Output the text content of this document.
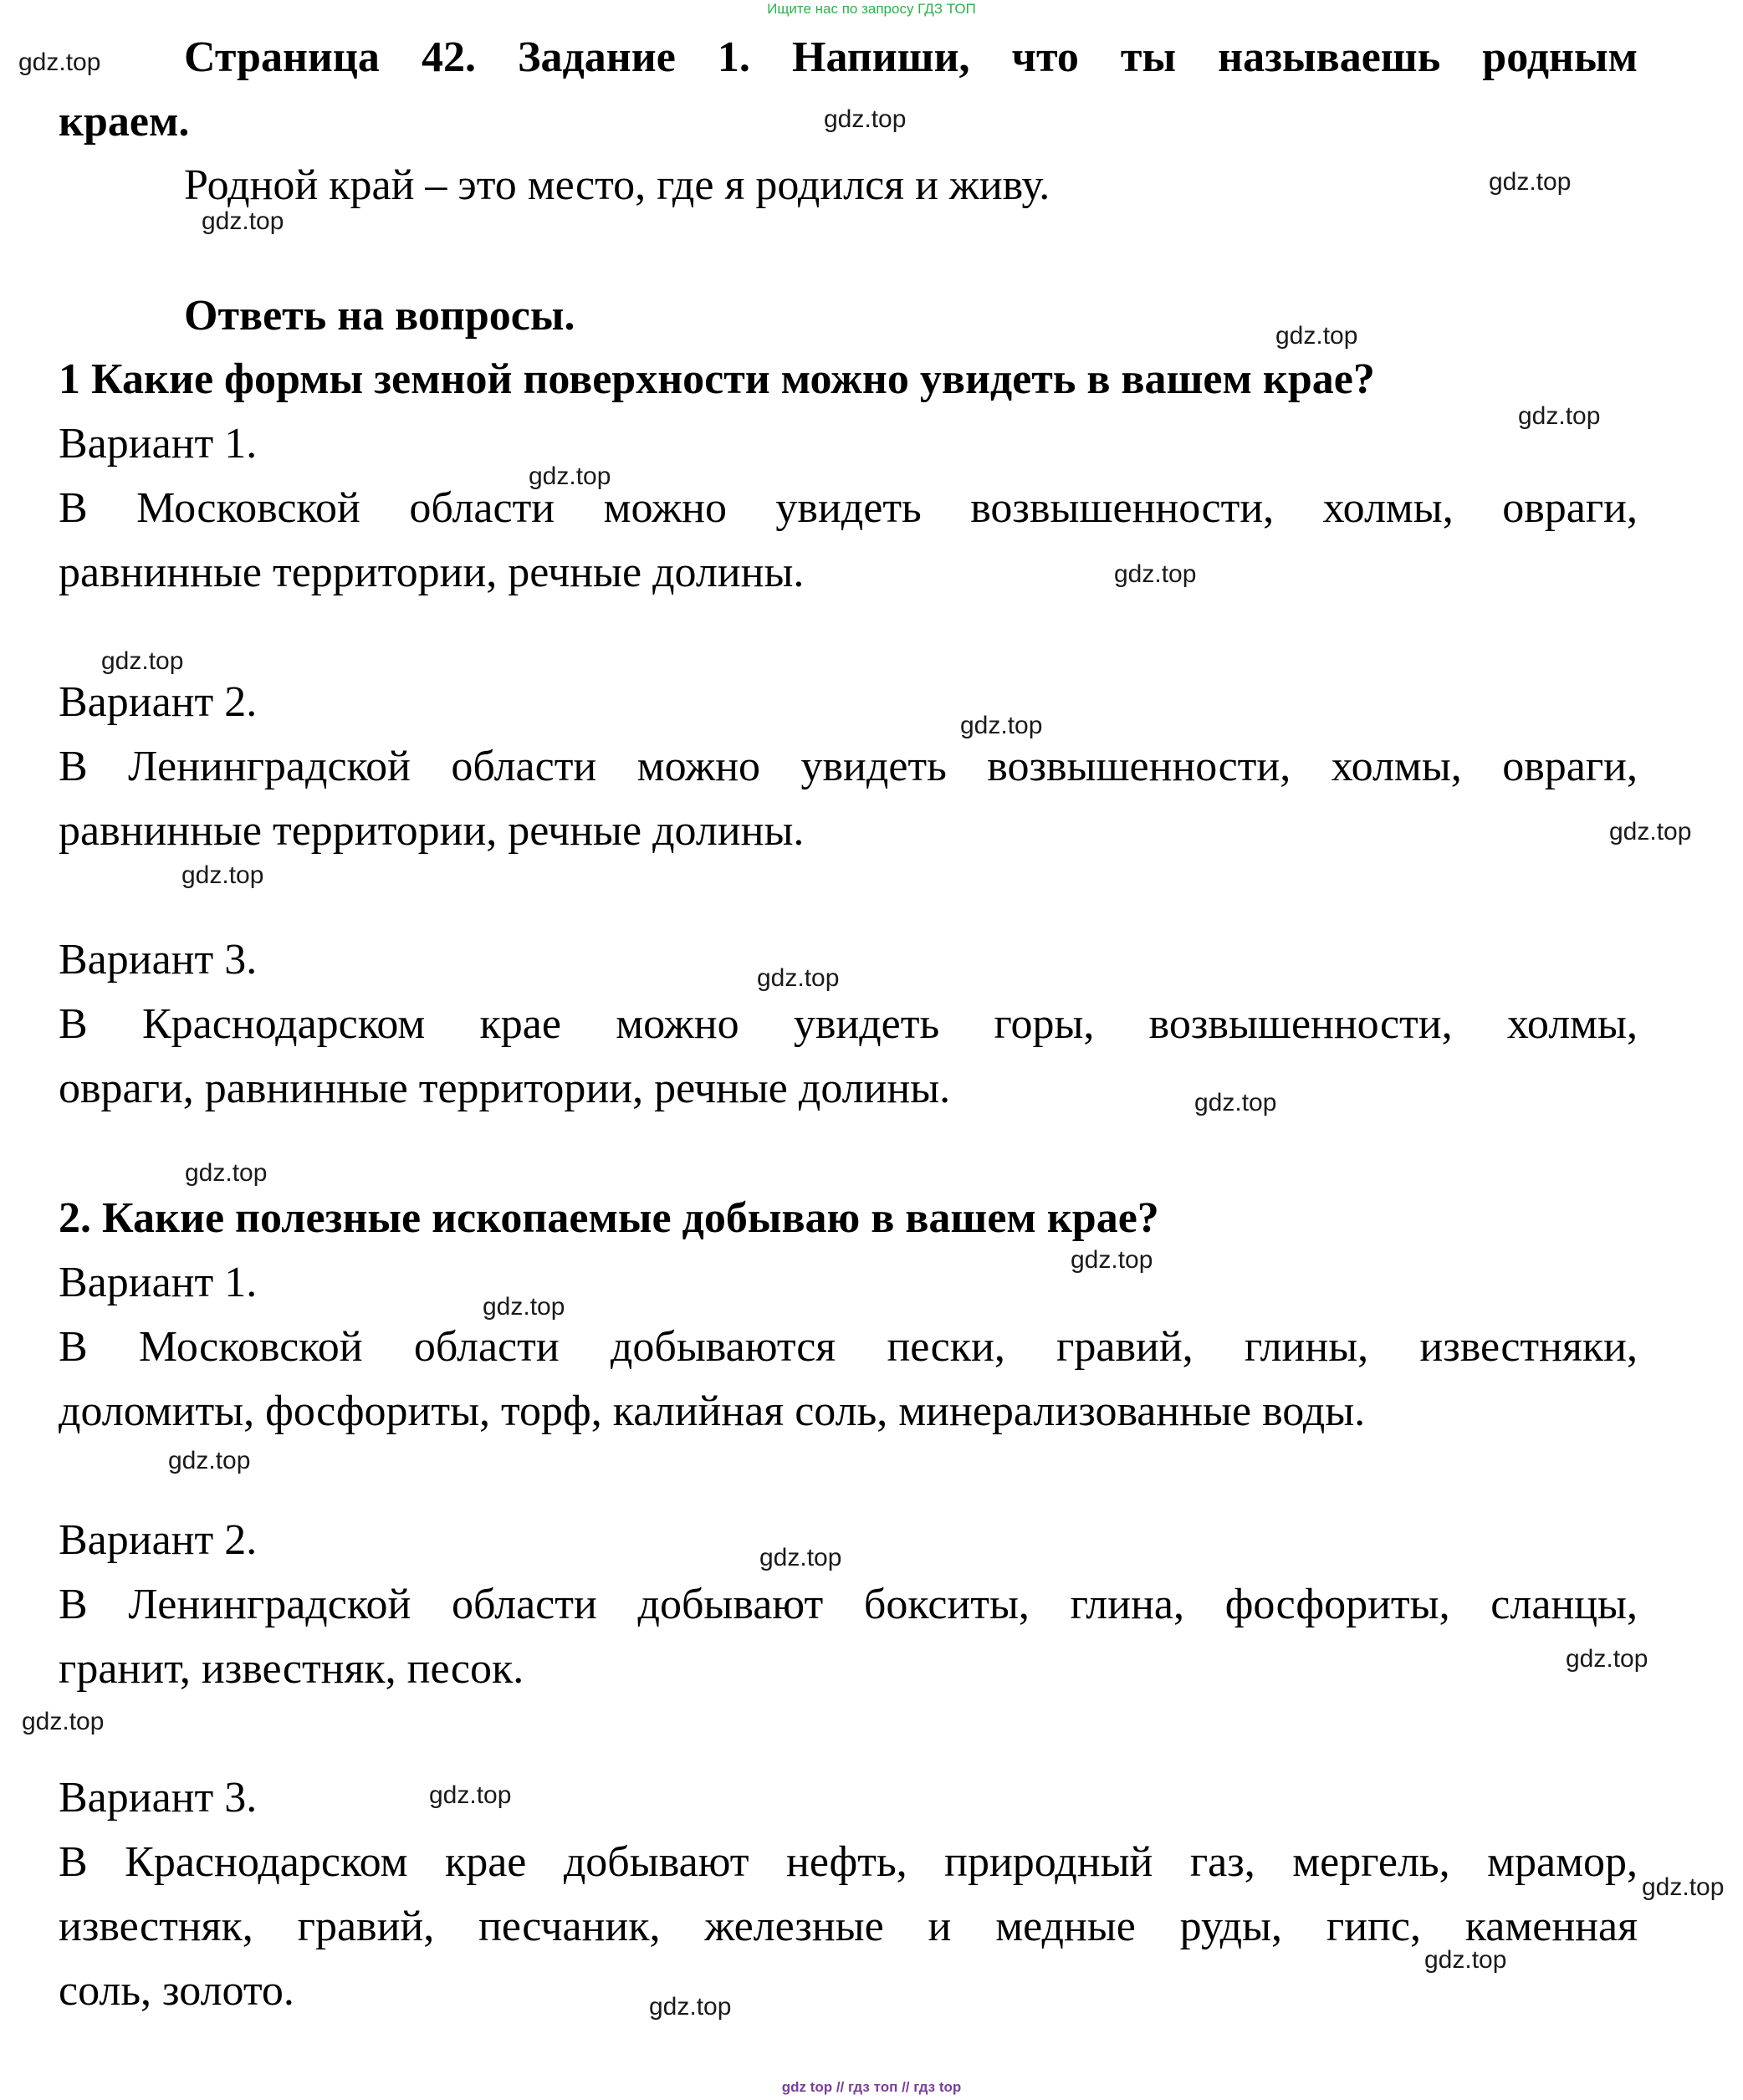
Ищите нас по запросу ГДЗ ТОП
Страница 42. Задание 1. Напиши, что ты называешь родным
краем.
Родной край – это место, где я родился и живу.
Ответь на вопросы.
1 Какие формы земной поверхности можно увидеть в вашем крае?
Вариант 1.
В Московской области можно увидеть возвышенности, холмы, овраги,
равнинные территории, речные долины.
Вариант 2.
В Ленинградской области можно увидеть возвышенности, холмы, овраги,
равнинные территории, речные долины.
Вариант 3.
В Краснодарском крае можно увидеть горы, возвышенности, холмы,
овраги, равнинные территории, речные долины.
2. Какие полезные ископаемые добываю в вашем крае?
Вариант 1.
В Московской области добываются пески, гравий, глины, известняки,
доломиты, фосфориты, торф, калийная соль, минерализованные воды.
Вариант 2.
В Ленинградской области добывают бокситы, глина, фосфориты, сланцы,
гранит, известняк, песок.
Вариант 3.
В Краснодарском крае добывают нефть, природный газ, мергель, мрамор,
известняк, гравий, песчаник, железные и медные руды, гипс, каменная
соль, золото.
gdz.top
gdz.top
gdz.top
gdz.top
gdz.top
gdz.top
gdz.top
gdz.top
gdz.top
gdz.top
gdz.top
gdz.top
gdz.top
gdz.top
gdz.top
gdz.top
gdz.top
gdz.top
gdz.top
gdz.top
gdz.top
gdz.top
gdz.top
gdz.top
gdz.top
gdz top // гдз топ // гдз top
